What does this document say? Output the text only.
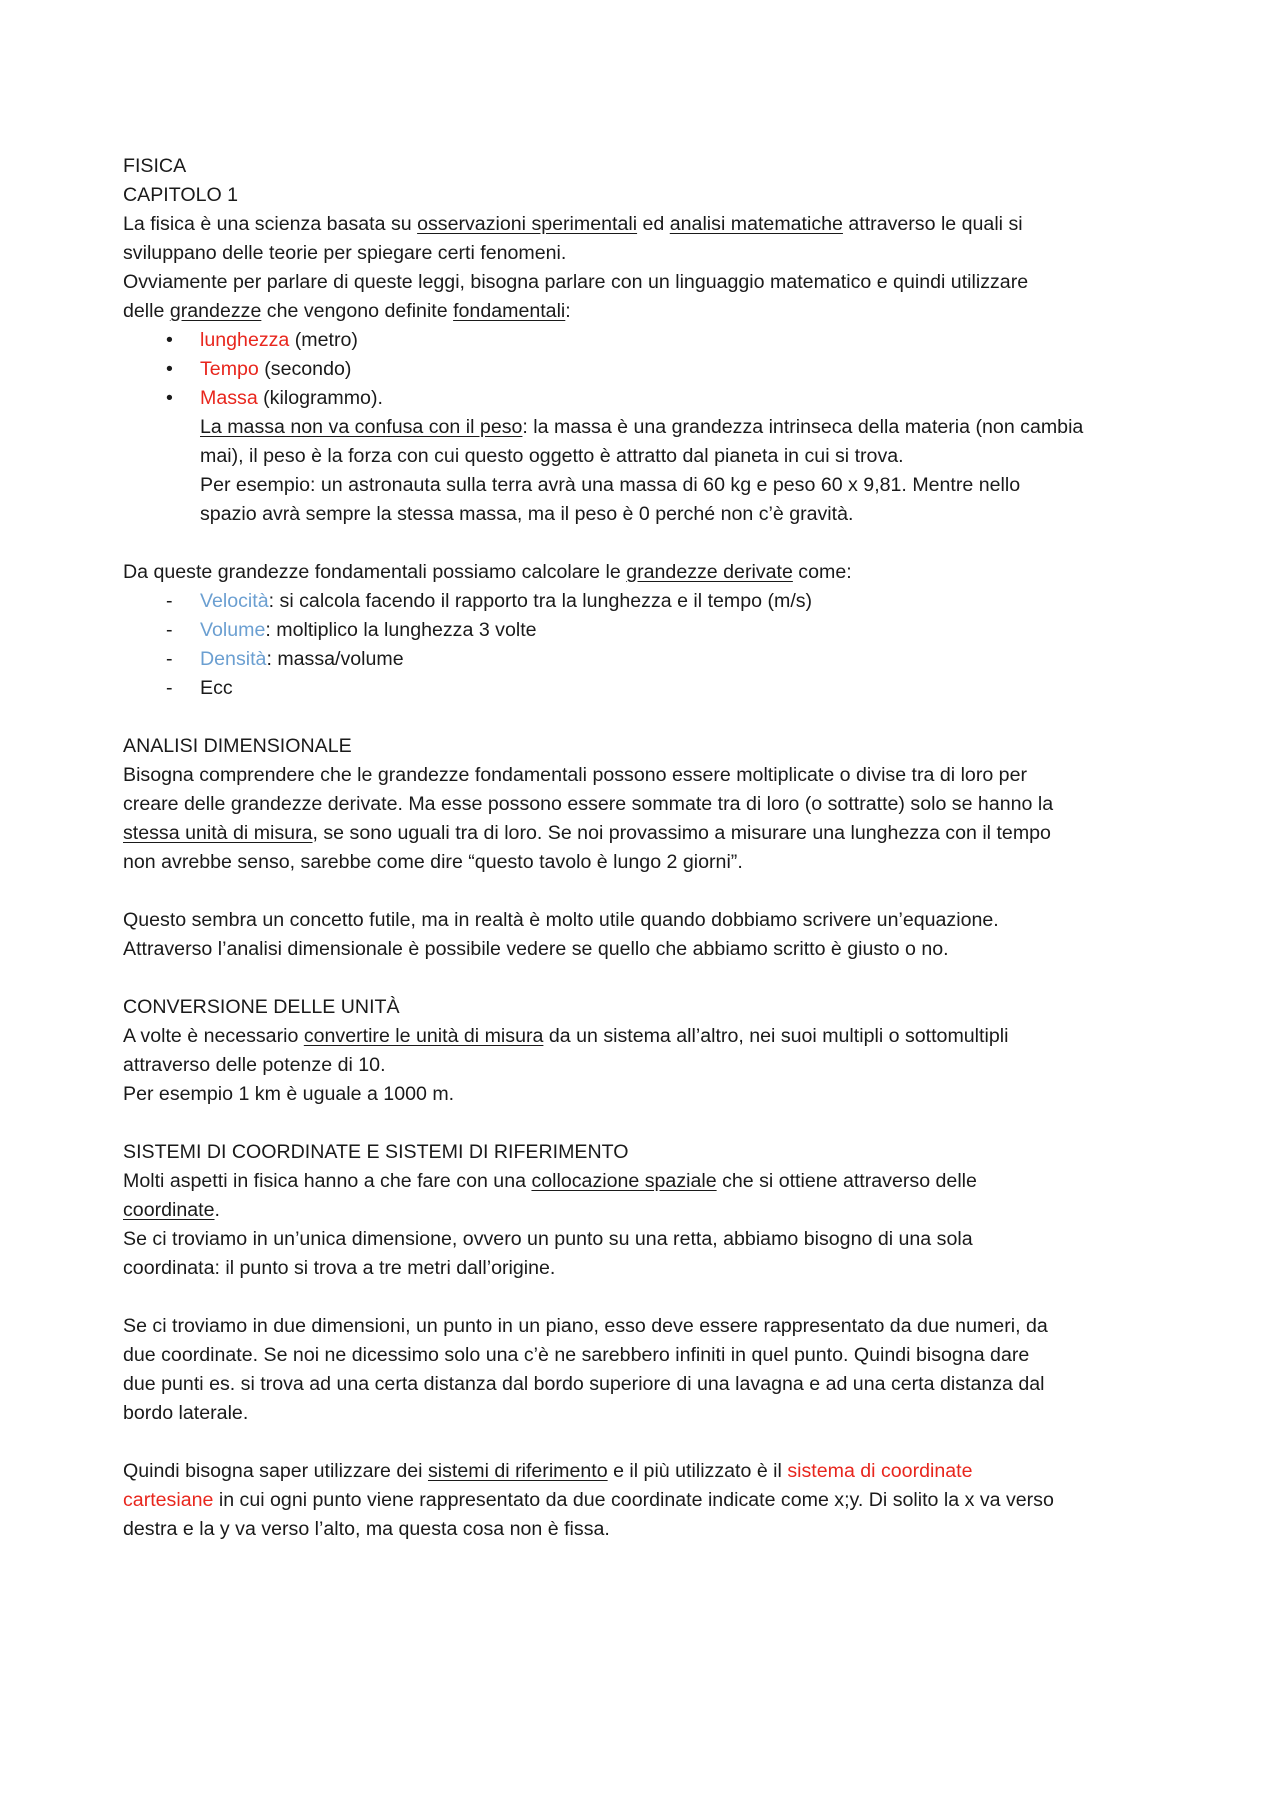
FISICA
CAPITOLO 1
La fisica è una scienza basata su osservazioni sperimentali ed analisi matematiche attraverso le quali si
sviluppano delle teorie per spiegare certi fenomeni.
Ovviamente per parlare di queste leggi, bisogna parlare con un linguaggio matematico e quindi utilizzare
delle grandezze che vengono definite fondamentali:
• lunghezza (metro)
• Tempo (secondo)
• Massa (kilogrammo).
La massa non va confusa con il peso: la massa è una grandezza intrinseca della materia (non cambia
mai), il peso è la forza con cui questo oggetto è attratto dal pianeta in cui si trova.
Per esempio: un astronauta sulla terra avrà una massa di 60 kg e peso 60 x 9,81. Mentre nello
spazio avrà sempre la stessa massa, ma il peso è 0 perché non c’è gravità.
Da queste grandezze fondamentali possiamo calcolare le grandezze derivate come:
- Velocità: si calcola facendo il rapporto tra la lunghezza e il tempo (m/s)
- Volume: moltiplico la lunghezza 3 volte
- Densità: massa/volume
- Ecc
ANALISI DIMENSIONALE
Bisogna comprendere che le grandezze fondamentali possono essere moltiplicate o divise tra di loro per
creare delle grandezze derivate. Ma esse possono essere sommate tra di loro (o sottratte) solo se hanno la
stessa unità di misura, se sono uguali tra di loro. Se noi provassimo a misurare una lunghezza con il tempo
non avrebbe senso, sarebbe come dire “questo tavolo è lungo 2 giorni”.
Questo sembra un concetto futile, ma in realtà è molto utile quando dobbiamo scrivere un’equazione.
Attraverso l’analisi dimensionale è possibile vedere se quello che abbiamo scritto è giusto o no.
CONVERSIONE DELLE UNITÀ
A volte è necessario convertire le unità di misura da un sistema all’altro, nei suoi multipli o sottomultipli
attraverso delle potenze di 10.
Per esempio 1 km è uguale a 1000 m.
SISTEMI DI COORDINATE E SISTEMI DI RIFERIMENTO
Molti aspetti in fisica hanno a che fare con una collocazione spaziale che si ottiene attraverso delle
coordinate.
Se ci troviamo in un’unica dimensione, ovvero un punto su una retta, abbiamo bisogno di una sola
coordinata: il punto si trova a tre metri dall’origine.
Se ci troviamo in due dimensioni, un punto in un piano, esso deve essere rappresentato da due numeri, da
due coordinate. Se noi ne dicessimo solo una c’è ne sarebbero infiniti in quel punto. Quindi bisogna dare
due punti es. si trova ad una certa distanza dal bordo superiore di una lavagna e ad una certa distanza dal
bordo laterale.
Quindi bisogna saper utilizzare dei sistemi di riferimento e il più utilizzato è il sistema di coordinate
cartesiane in cui ogni punto viene rappresentato da due coordinate indicate come x;y. Di solito la x va verso
destra e la y va verso l’alto, ma questa cosa non è fissa.
